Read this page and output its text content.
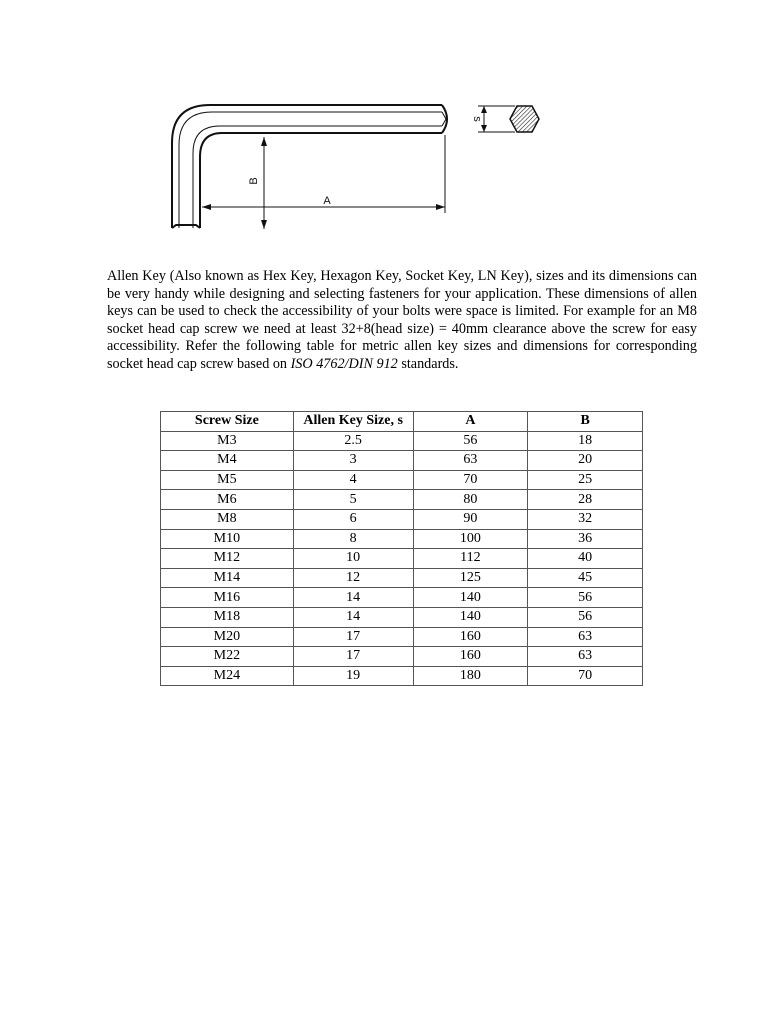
s
B
A

Allen Key (Also known as Hex Key, Hexagon Key, Socket Key, LN Key), sizes and its dimensions can be very handy while designing and selecting fasteners for your application. These dimensions of allen keys can be used to check the accessibility of your bolts were space is limited. For example for an M8 socket head cap screw we need at least 32+8(head size) = 40mm clearance above the screw for easy accessibility. Refer the following table for metric allen key sizes and dimensions for corresponding socket head cap screw based on ISO 4762/DIN 912 standards.

Screw Size	Allen Key Size, s	A	B
M3	2.5	56	18
M4	3	63	20
M5	4	70	25
M6	5	80	28
M8	6	90	32
M10	8	100	36
M12	10	112	40
M14	12	125	45
M16	14	140	56
M18	14	140	56
M20	17	160	63
M22	17	160	63
M24	19	180	70
